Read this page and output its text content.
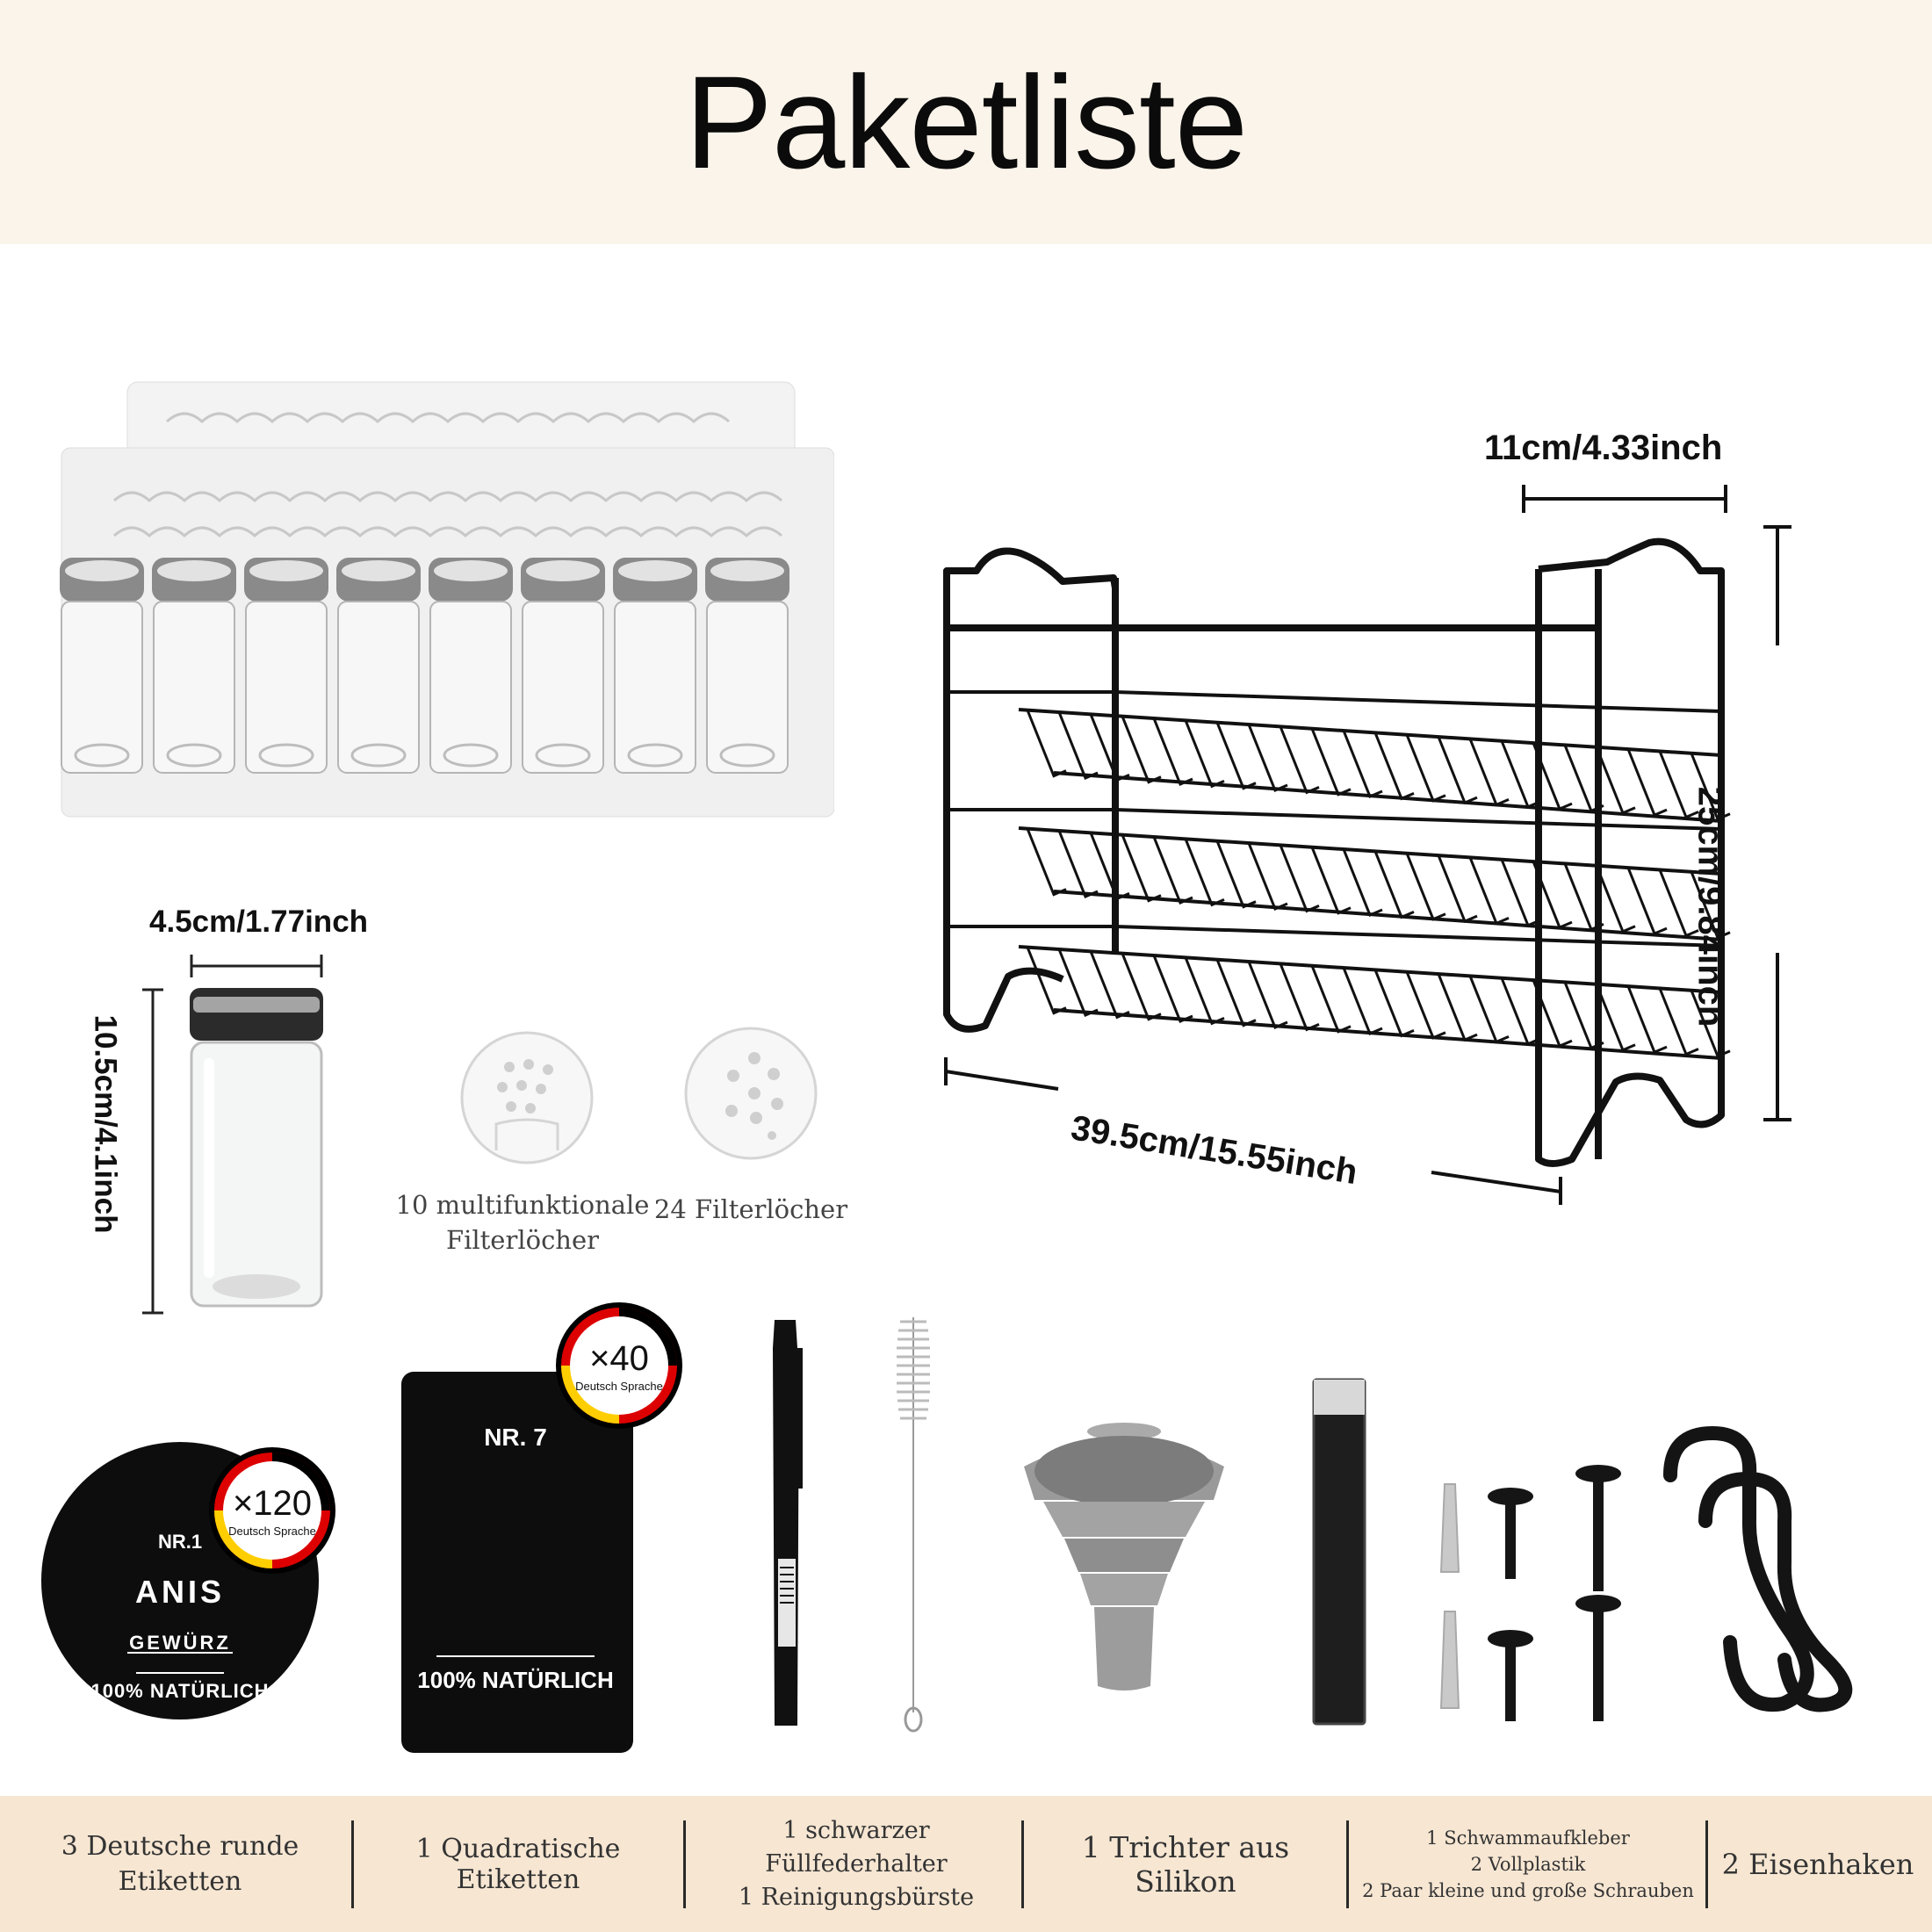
Paketliste
11cm/4.33inch
25cm/9.84inch
39.5cm/15.55inch
4.5cm/1.77inch
10.5cm/4.1inch	10 multifunktionale
Filterlöcher
24 Filterlöcher
NR.1
ANIS
GEWÜRZ
100% NATÜRLICH
×120
Deutsch Sprache
NR. 7
100% NATÜRLICH
×40
Deutsch Sprache
3 Deutsche runde
Etiketten
1 Quadratische Etiketten
1 schwarzer Füllfederhalter
1 Reinigungsbürste
1 Trichter aus Silikon
1 Schwammaufkleber
2 Vollplastik
2 Paar kleine und große Schrauben
2 Eisenhaken
